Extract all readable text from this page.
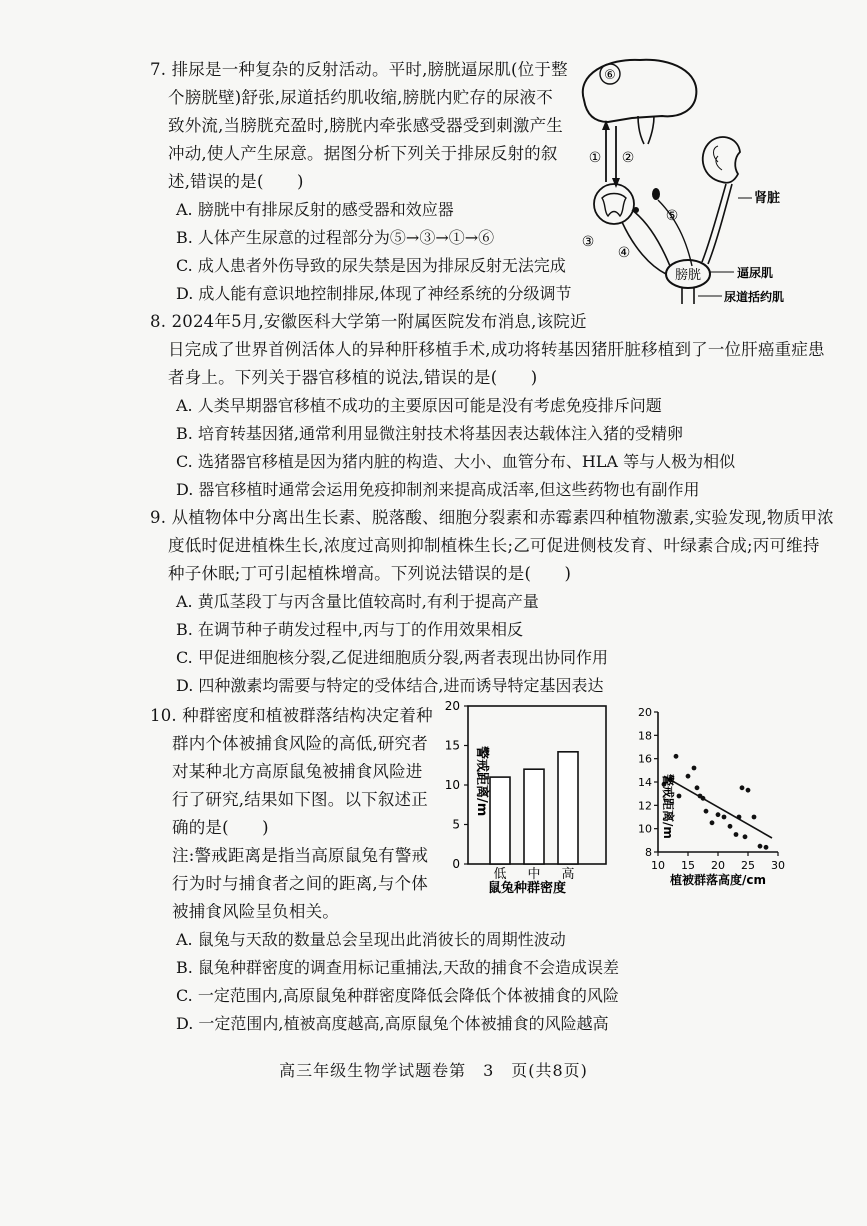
7. 排尿是一种复杂的反射活动。平时,膀胱逼尿肌(位于整
个膀胱壁)舒张,尿道括约肌收缩,膀胱内贮存的尿液不
致外流,当膀胱充盈时,膀胱内牵张感受器受到刺激产生
冲动,使人产生尿意。据图分析下列关于排尿反射的叙
述,错误的是(　　)
A. 膀胱中有排尿反射的感受器和效应器
B. 人体产生尿意的过程部分为⑤→③→①→⑥
C. 成人患者外伤导致的尿失禁是因为排尿反射无法完成
D. 成人能有意识地控制排尿,体现了神经系统的分级调节
⑥
① ②
③
④
⑤
肾脏
膀胱	逼尿肌
尿道括约肌
8. 2024年5月,安徽医科大学第一附属医院发布消息,该院近
日完成了世界首例活体人的异种肝移植手术,成功将转基因猪肝脏移植到了一位肝癌重症患
者身上。下列关于器官移植的说法,错误的是(　　)
A. 人类早期器官移植不成功的主要原因可能是没有考虑免疫排斥问题
B. 培育转基因猪,通常利用显微注射技术将基因表达载体注入猪的受精卵
C. 选猪器官移植是因为猪内脏的构造、大小、血管分布、HLA 等与人极为相似
D. 器官移植时通常会运用免疫抑制剂来提高成活率,但这些药物也有副作用
9. 从植物体中分离出生长素、脱落酸、细胞分裂素和赤霉素四种植物激素,实验发现,物质甲浓
度低时促进植株生长,浓度过高则抑制植株生长;乙可促进侧枝发育、叶绿素合成;丙可维持
种子休眠;丁可引起植株增高。下列说法错误的是(　　)
A. 黄瓜茎段丁与丙含量比值较高时,有利于提高产量
B. 在调节种子萌发过程中,丙与丁的作用效果相反
C. 甲促进细胞核分裂,乙促进细胞质分裂,两者表现出协同作用
D. 四种激素均需要与特定的受体结合,进而诱导特定基因表达
10. 种群密度和植被群落结构决定着种
群内个体被捕食风险的高低,研究者
对某种北方高原鼠兔被捕食风险进
行了研究,结果如下图。以下叙述正
确的是(　　)
注:警戒距离是指当高原鼠兔有警戒
行为时与捕食者之间的距离,与个体
被捕食风险呈负相关。
A. 鼠兔与天敌的数量总会呈现出此消彼长的周期性波动
B. 鼠兔种群密度的调查用标记重捕法,天敌的捕食不会造成误差
C. 一定范围内,高原鼠兔种群密度降低会降低个体被捕食的风险
D. 一定范围内,植被高度越高,高原鼠兔个体被捕食的风险越高
0
5
10
15
20
低 中 高
鼠兔种群密度
警戒距离/m
8
10
12
14
16
18
20
10 15 20 25 30
植被群落高度/cm
警戒距离/m
高三年级生物学试题卷第　3　页(共8页)
